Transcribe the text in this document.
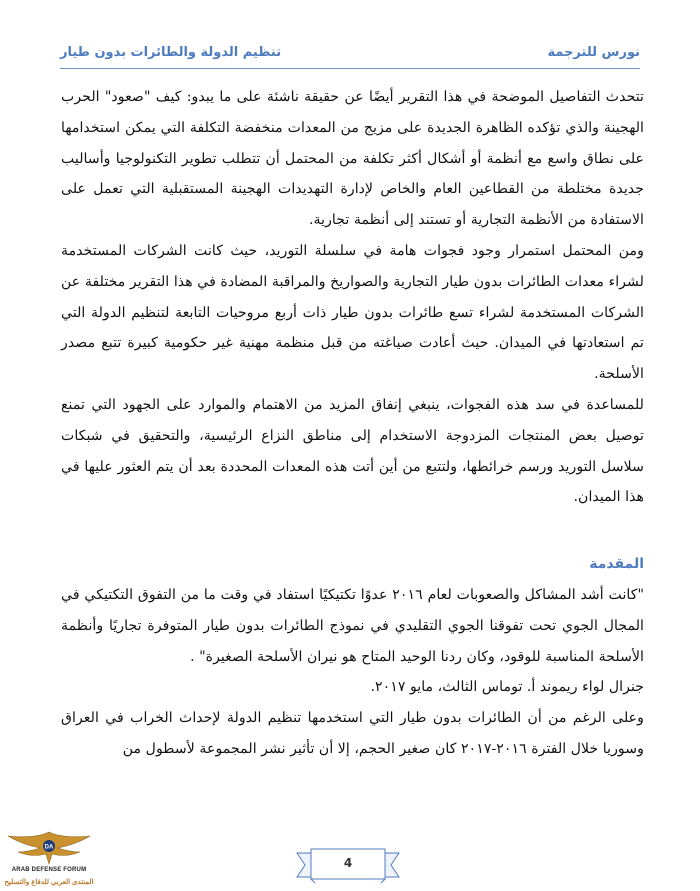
تنظيم الدولة والطائرات بدون طيار	نورس للترجمة

تتحدث التفاصيل الموضحة في هذا التقرير أيضًا عن حقيقة ناشئة على ما يبدو: كيف "صعود" الحرب الهجينة والذي تؤكده الظاهرة الجديدة على مزيج من المعدات منخفضة التكلفة التي يمكن استخدامها على نطاق واسع مع أنظمة أو أشكال أكثر تكلفة من المحتمل أن تتطلب تطوير التكنولوجيا وأساليب جديدة مختلطة من القطاعين العام والخاص لإدارة التهديدات الهجينة المستقبلية التي تعمل على الاستفادة من الأنظمة التجارية أو تستند إلى أنظمة تجارية.

ومن المحتمل استمرار وجود فجوات هامة في سلسلة التوريد، حيث كانت الشركات المستخدمة لشراء معدات الطائرات بدون طيار التجارية والصواريخ والمراقبة المضادة في هذا التقرير مختلفة عن الشركات المستخدمة لشراء تسع طائرات بدون طيار ذات أربع مروحيات التابعة لتنظيم الدولة التي تم استعادتها في الميدان. حيث أعادت صياغته من قبل منظمة مهنية غير حكومية كبيرة تتبع مصدر الأسلحة.

للمساعدة في سد هذه الفجوات، ينبغي إنفاق المزيد من الاهتمام والموارد على الجهود التي تمنع توصيل بعض المنتجات المزدوجة الاستخدام إلى مناطق النزاع الرئيسية، والتحقيق في شبكات سلاسل التوريد ورسم خرائطها، ولتتبع من أين أتت هذه المعدات المحددة بعد أن يتم العثور عليها في هذا الميدان.

المقدمة

"كانت أشد المشاكل والصعوبات لعام ٢٠١٦ عدوًا تكتيكيًا استفاد في وقت ما من التفوق التكتيكي في المجال الجوي تحت تفوقنا الجوي التقليدي في نموذج الطائرات بدون طيار المتوفرة تجاريًا وأنظمة الأسلحة المناسبة للوقود، وكان ردنا الوحيد المتاح هو نيران الأسلحة الصغيرة" .

جنرال لواء ريموند أ. توماس الثالث، مايو ٢٠١٧.

وعلى الرغم من أن الطائرات بدون طيار التي استخدمها تنظيم الدولة لإحداث الخراب في العراق وسوريا خلال الفترة ٢٠١٦-٢٠١٧ كان صغير الحجم، إلا أن تأثير نشر المجموعة لأسطول من

4
DA
ARAB DEFENSE FORUM
المنتدى العربي للدفاع والتسليح
